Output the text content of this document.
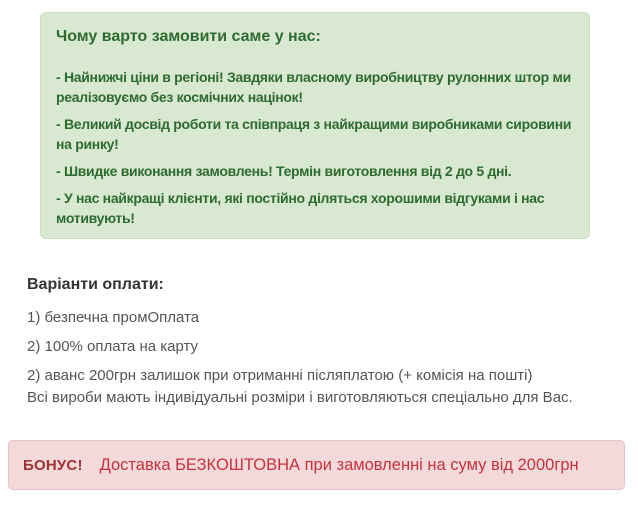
Чому варто замовити саме у нас:

- Найнижчі ціни в регіоні! Завдяки власному виробництву рулонних штор ми реалізовуємо без космічних націнок!

- Великий досвід роботи та співпраця з найкращими виробниками сировини на ринку!

- Швидке виконання замовлень! Термін виготовлення від 2 до 5 дні.

- У нас найкращі клієнти, які постійно діляться хорошими відгуками і нас мотивують!

Варіанти оплати:

1) безпечна промОплата

2) 100% оплата на карту

2) аванс 200грн залишок при отриманні післяплатою (+ комісія на пошті)

Всі вироби мають індивідуальні розміри і виготовляються спеціально для Вас.

БОНУС! Доставка БЕЗКОШТОВНА при замовленні на суму від 2000грн
